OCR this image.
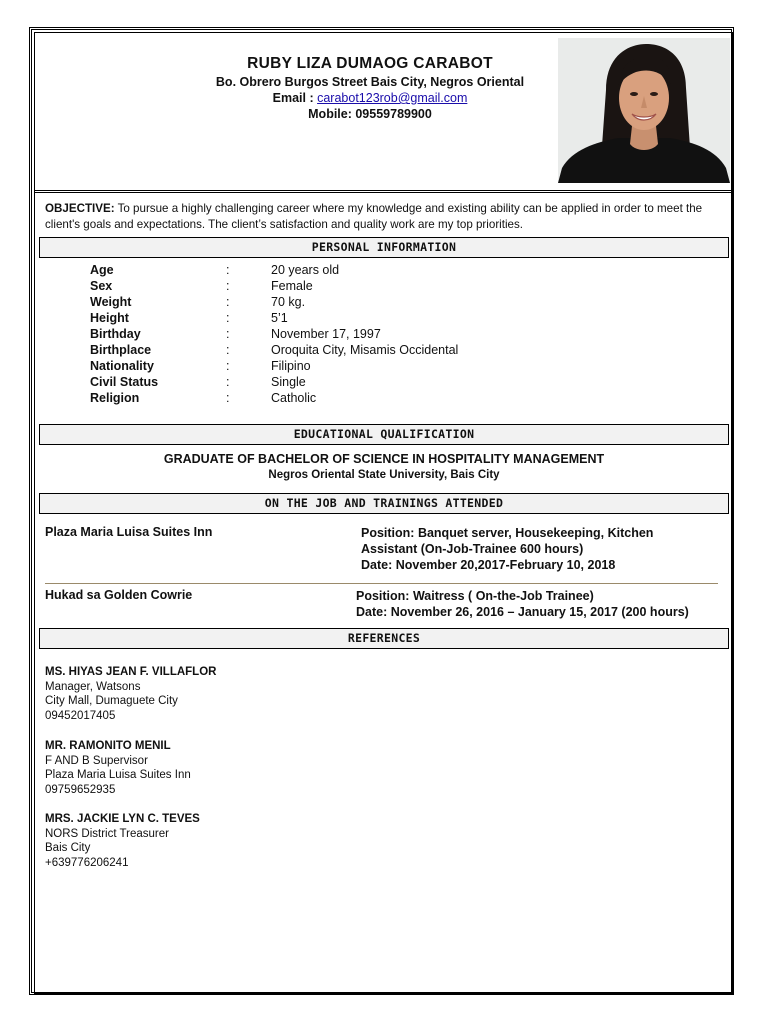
RUBY LIZA DUMAOG CARABOT
Bo. Obrero Burgos Street Bais City, Negros Oriental
Email : carabot123rob@gmail.com
Mobile: 09559789900
OBJECTIVE: To pursue a highly challenging career where my knowledge and existing ability can be applied in order to meet the client's goals and expectations. The client’s satisfaction and quality work are my top priorities.
PERSONAL INFORMATION
Age	:	20 years old
Sex	:	Female
Weight	:	70 kg.
Height	:	5’1
Birthday	:	November 17, 1997
Birthplace	:	Oroquita City, Misamis Occidental
Nationality	:	Filipino
Civil Status	:	Single
Religion	:	Catholic
EDUCATIONAL QUALIFICATION
GRADUATE OF BACHELOR OF SCIENCE IN HOSPITALITY MANAGEMENT
Negros Oriental State University, Bais City
ON THE JOB AND TRAININGS ATTENDED
Plaza Maria Luisa Suites Inn	Position: Banquet server, Housekeeping, Kitchen
Assistant (On-Job-Trainee 600 hours)
Date: November 20,2017-February 10, 2018
Hukad sa Golden Cowrie	Position: Waitress ( On-the-Job Trainee)
Date: November 26, 2016 – January 15, 2017 (200 hours)
REFERENCES
MS. HIYAS JEAN F. VILLAFLOR
Manager, Watsons
City Mall, Dumaguete City
09452017405
MR. RAMONITO MENIL
F AND B Supervisor
Plaza Maria Luisa Suites Inn
09759652935
MRS. JACKIE LYN C. TEVES
NORS District Treasurer
Bais City
+639776206241
